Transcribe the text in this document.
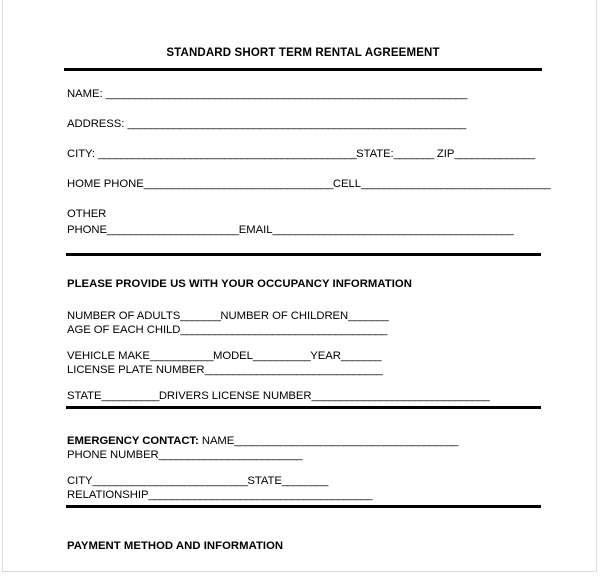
STANDARD SHORT TERM RENTAL AGREEMENT
NAME: _______________________________________________________________
ADDRESS: ___________________________________________________________
CITY: _____________________________________________STATE:_______ ZIP______________
HOME PHONE_________________________________CELL_________________________________
OTHER
PHONE_______________________EMAIL__________________________________________
PLEASE PROVIDE US WITH YOUR OCCUPANCY INFORMATION
NUMBER OF ADULTS_______NUMBER OF CHILDREN_______
AGE OF EACH CHILD____________________________________
VEHICLE MAKE___________MODEL__________YEAR_______
LICENSE PLATE NUMBER_______________________________
STATE__________DRIVERS LICENSE NUMBER_______________________________
EMERGENCY CONTACT: NAME_______________________________________
PHONE NUMBER_________________________
CITY___________________________STATE________
RELATIONSHIP_______________________________________
PAYMENT METHOD AND INFORMATION
